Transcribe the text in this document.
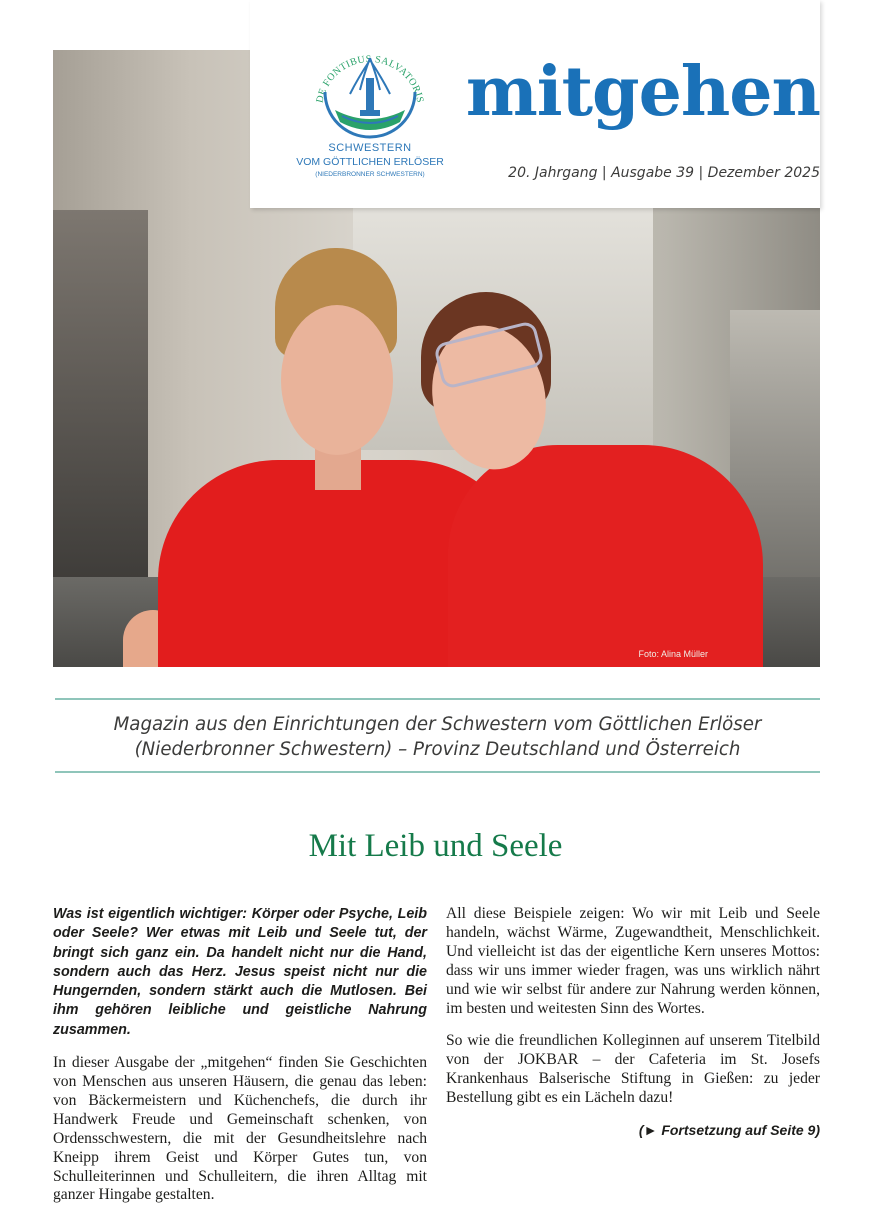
Foto: Alina Müller
DE FONTIBUS SALVATORIS
SCHWESTERN
VOM GÖTTLICHEN ERLÖSER
(NIEDERBRONNER SCHWESTERN)
mitgehen
20. Jahrgang | Ausgabe 39 | Dezember 2025
Magazin aus den Einrichtungen der Schwestern vom Göttlichen Erlöser
(Niederbronner Schwestern) – Provinz Deutschland und Österreich
Mit Leib und Seele

Was ist eigentlich wichtiger: Körper oder Psyche, Leib oder Seele? Wer etwas mit Leib und Seele tut, der bringt sich ganz ein. Da handelt nicht nur die Hand, sondern auch das Herz. Jesus speist nicht nur die Hungernden, sondern stärkt auch die Mutlosen. Bei ihm gehören leibliche und geistliche Nahrung zusammen.

In dieser Ausgabe der „mitgehen“ finden Sie Geschichten von Menschen aus unseren Häusern, die genau das leben: von Bäckermeistern und Küchenchefs, die durch ihr Handwerk Freude und Gemeinschaft schenken, von Ordensschwestern, die mit der Gesundheitslehre nach Kneipp ihrem Geist und Körper Gutes tun, von Schulleiterinnen und Schulleitern, die ihren Alltag mit ganzer Hingabe gestalten.

All diese Beispiele zeigen: Wo wir mit Leib und Seele handeln, wächst Wärme, Zugewandtheit, Menschlichkeit. Und vielleicht ist das der eigentliche Kern unseres Mottos: dass wir uns immer wieder fragen, was uns wirklich nährt und wie wir selbst für andere zur Nahrung werden können, im besten und weitesten Sinn des Wortes.

So wie die freundlichen Kolleginnen auf unserem Titelbild von der JOKBAR – der Cafeteria im St. Josefs Krankenhaus Balserische Stiftung in Gießen: zu jeder Bestellung gibt es ein Lächeln dazu!

(► Fortsetzung auf Seite 9)
